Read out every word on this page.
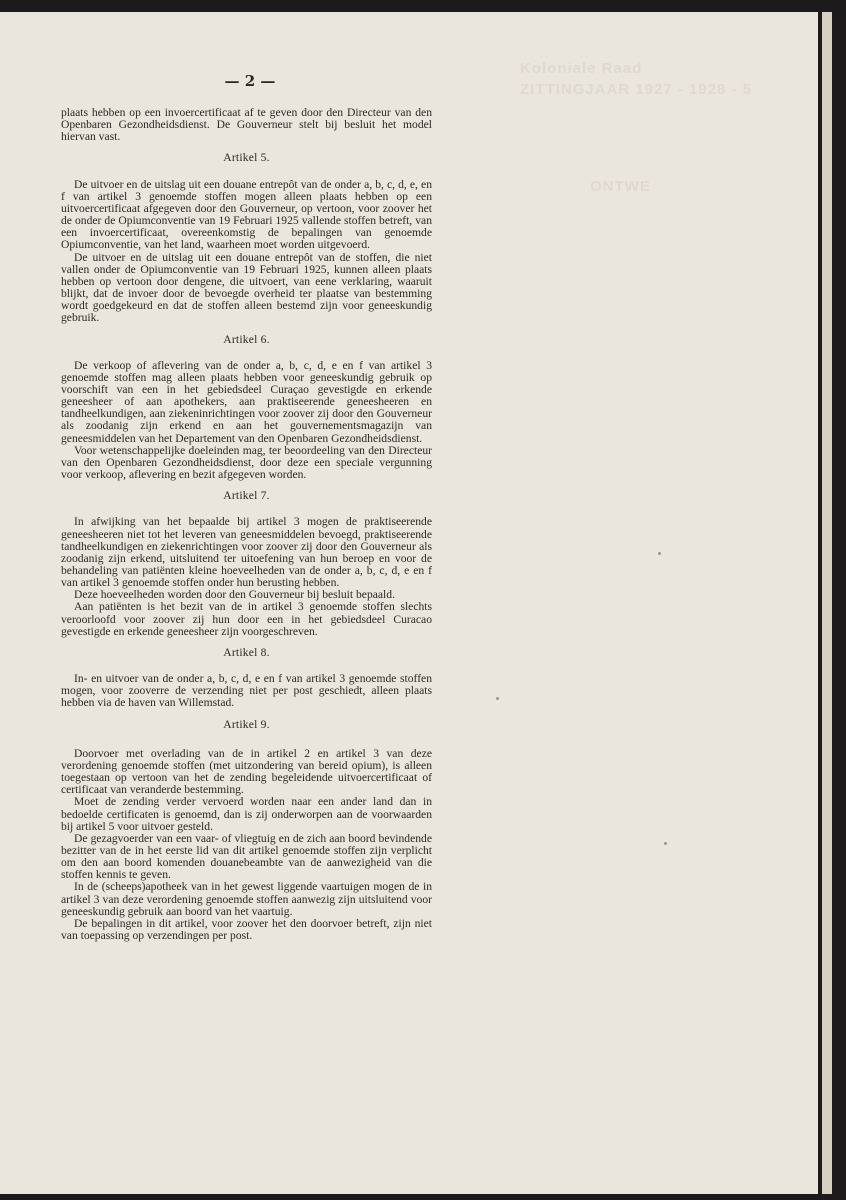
Koloniale Raad
ZITTINGJAAR 1927 - 1928 - 5
ONTWE
— 2 —

plaats hebben op een invoercertificaat af te geven door den Directeur van den Openbaren Gezondheidsdienst. De Gouverneur stelt bij besluit het model hiervan vast.

Artikel 5.

De uitvoer en de uitslag uit een douane entrepôt van de onder a, b, c, d, e, en f van artikel 3 genoemde stoffen mogen alleen plaats hebben op een uitvoercertificaat afgegeven door den Gouverneur, op vertoon, voor zoover het de onder de Opiumconventie van 19 Februari 1925 vallende stoffen betreft, van een invoercertificaat, overeenkomstig de bepalingen van genoemde Opiumconventie, van het land, waarheen moet worden uitgevoerd.

De uitvoer en de uitslag uit een douane entrepôt van de stoffen, die niet vallen onder de Opiumconventie van 19 Februari 1925, kunnen alleen plaats hebben op vertoon door dengene, die uitvoert, van eene verklaring, waaruit blijkt, dat de invoer door de bevoegde overheid ter plaatse van bestemming wordt goedgekeurd en dat de stoffen alleen bestemd zijn voor geneeskundig gebruik.

Artikel 6.

De verkoop of aflevering van de onder a, b, c, d, e en f van artikel 3 genoemde stoffen mag alleen plaats hebben voor geneeskundig gebruik op voorschift van een in het gebiedsdeel Curaçao gevestigde en erkende geneesheer of aan apothekers, aan praktiseerende geneesheeren en tandheelkundigen, aan ziekeninrichtingen voor zoover zij door den Gouverneur als zoodanig zijn erkend en aan het gouvernementsmagazijn van geneesmiddelen van het Departement van den Openbaren Gezondheidsdienst.

Voor wetenschappelijke doeleinden mag, ter beoordeeling van den Directeur van den Openbaren Gezondheidsdienst, door deze een speciale vergunning voor verkoop, aflevering en bezit afgegeven worden.

Artikel 7.

In afwijking van het bepaalde bij artikel 3 mogen de praktiseerende geneesheeren niet tot het leveren van geneesmiddelen bevoegd, praktiseerende tandheelkundigen en ziekenrichtingen voor zoover zij door den Gouverneur als zoodanig zijn erkend, uitsluitend ter uitoefening van hun beroep en voor de behandeling van patiënten kleine hoeveelheden van de onder a, b, c, d, e en f van artikel 3 genoemde stoffen onder hun berusting hebben.

Deze hoeveelheden worden door den Gouverneur bij besluit bepaald.

Aan patiënten is het bezit van de in artikel 3 genoemde stoffen slechts veroorloofd voor zoover zij hun door een in het gebiedsdeel Curacao gevestigde en erkende geneesheer zijn voorgeschreven.

Artikel 8.

In- en uitvoer van de onder a, b, c, d, e en f van artikel 3 genoemde stoffen mogen, voor zooverre de verzending niet per post geschiedt, alleen plaats hebben via de haven van Willemstad.

Artikel 9.

Doorvoer met overlading van de in artikel 2 en artikel 3 van deze verordening genoemde stoffen (met uitzondering van bereid opium), is alleen toegestaan op vertoon van het de zending begeleidende uitvoercertificaat of certificaat van veranderde bestemming.

Moet de zending verder vervoerd worden naar een ander land dan in bedoelde certificaten is genoemd, dan is zij onderworpen aan de voorwaarden bij artikel 5 voor uitvoer gesteld.

De gezagvoerder van een vaar- of vliegtuig en de zich aan boord bevindende bezitter van de in het eerste lid van dit artikel genoemde stoffen zijn verplicht om den aan boord komenden douanebeambte van de aanwezigheid van die stoffen kennis te geven.

In de (scheeps)apotheek van in het gewest liggende vaartuigen mogen de in artikel 3 van deze verordening genoemde stoffen aanwezig zijn uitsluitend voor geneeskundig gebruik aan boord van het vaartuig.

De bepalingen in dit artikel, voor zoover het den doorvoer betreft, zijn niet van toepassing op verzendingen per post.
